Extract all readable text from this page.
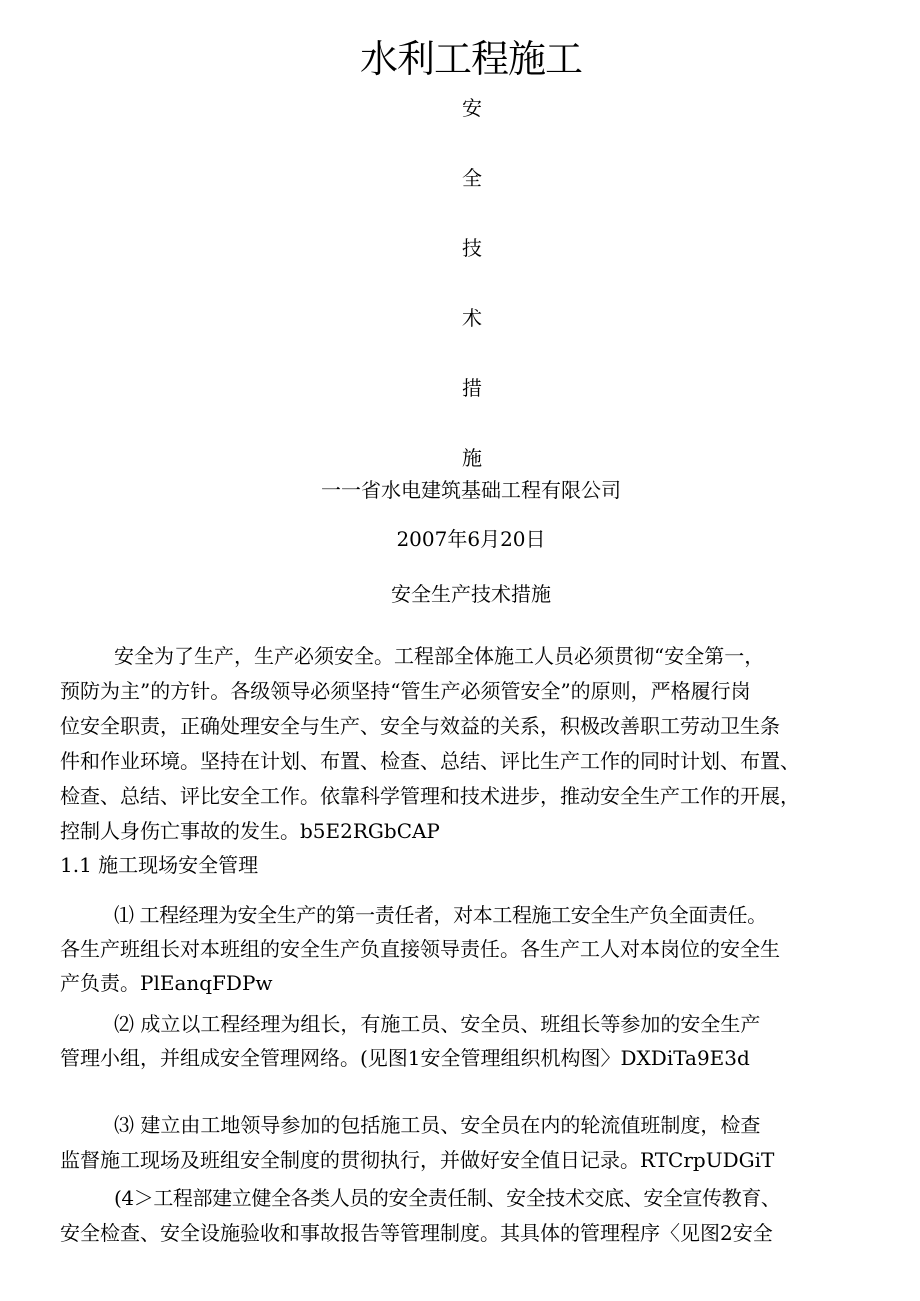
水利工程施工
安
全
技
术
措
施
一一省水电建筑基础工程有限公司
2007年6月20日
安全生产技术措施
安全为了生产，生产必须安全。工程部全体施工人员必须贯彻“安全第一，
预防为主”的方针。各级领导必须坚持“管生产必须管安全”的原则，严格履行岗
位安全职责，正确处理安全与生产、安全与效益的关系，积极改善职工劳动卫生条
件和作业环境。坚持在计划、布置、检查、总结、评比生产工作的同时计划、布置、
检查、总结、评比安全工作。依靠科学管理和技术进步，推动安全生产工作的开展，
控制人身伤亡事故的发生。b5E2RGbCAP
1.1 施工现场安全管理
⑴ 工程经理为安全生产的第一责任者，对本工程施工安全生产负全面责任。
各生产班组长对本班组的安全生产负直接领导责任。各生产工人对本岗位的安全生
产负责。PlEanqFDPw
⑵ 成立以工程经理为组长，有施工员、安全员、班组长等参加的安全生产
管理小组，并组成安全管理网络。(见图1安全管理组织机构图〉DXDiTa9E3d
⑶ 建立由工地领导参加的包括施工员、安全员在内的轮流值班制度，检查
监督施工现场及班组安全制度的贯彻执行，并做好安全值日记录。RTCrpUDGiT
(4＞工程部建立健全各类人员的安全责任制、安全技术交底、安全宣传教育、
安全检查、安全设施验收和事故报告等管理制度。其具体的管理程序〈见图2安全
